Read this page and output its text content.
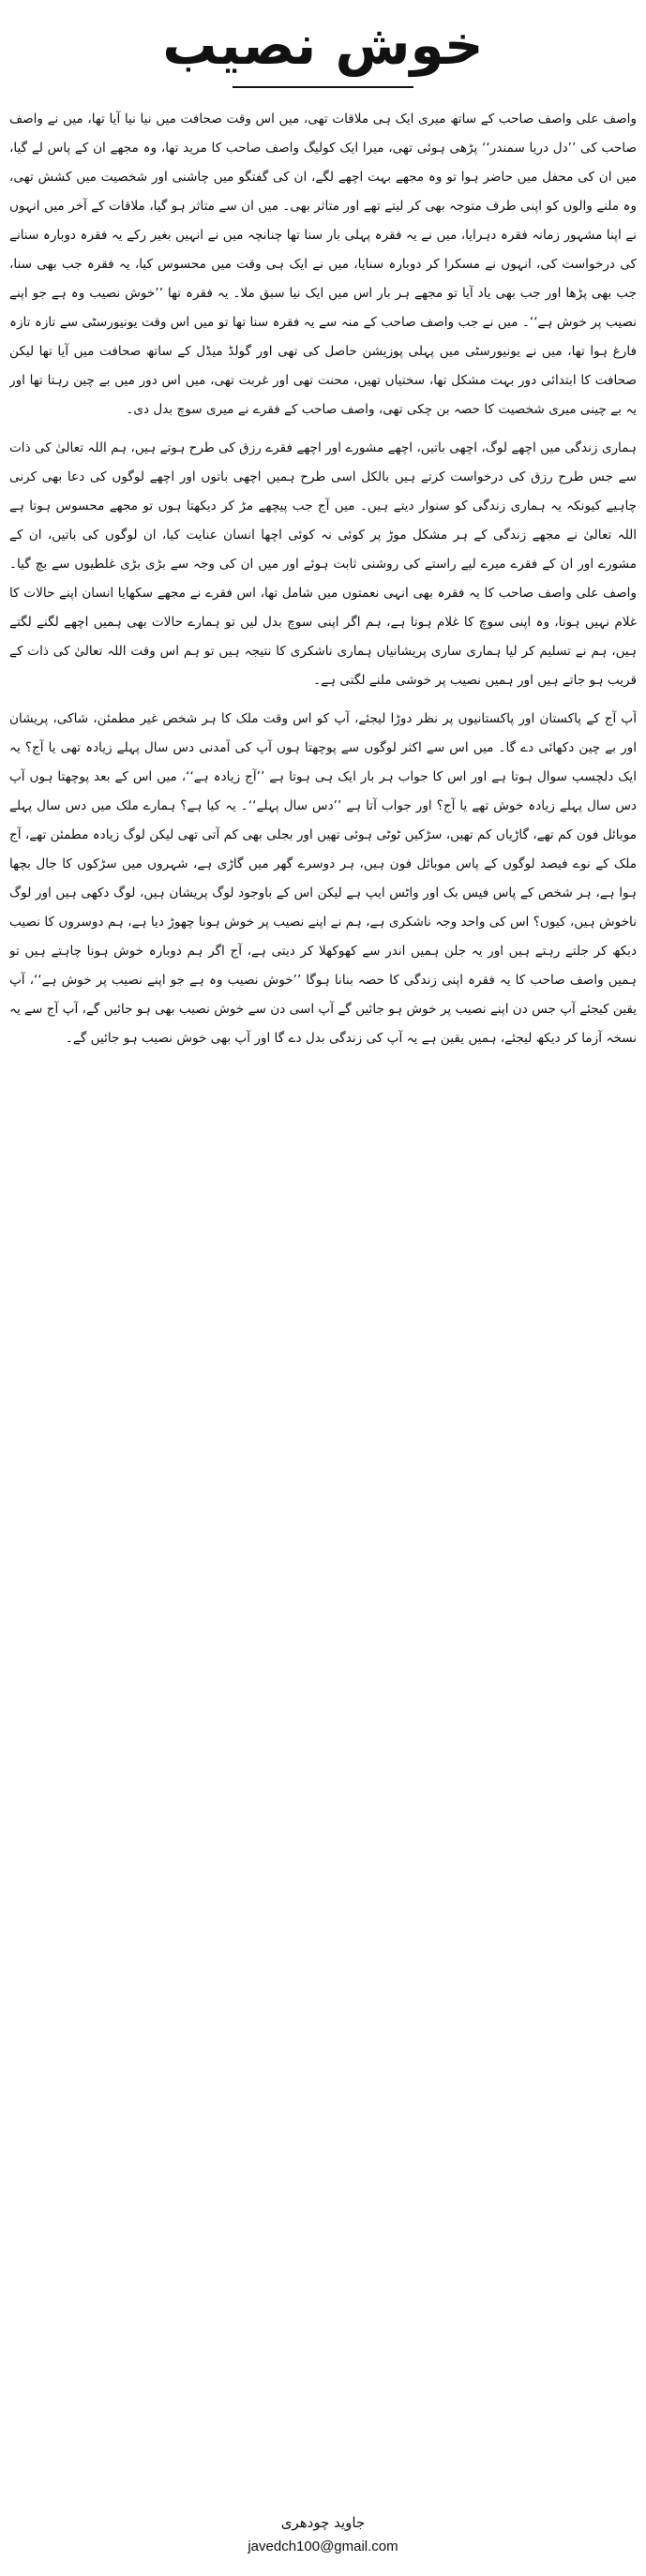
خوش نصیب

واصف علی واصف صاحب کے ساتھ میری ایک ہی ملاقات تھی، میں اس وقت صحافت میں نیا نیا آیا تھا، میں نے واصف صاحب کی ’’دل دریا سمندر‘‘ پڑھی ہوئی تھی، میرا ایک کولیگ واصف صاحب کا مرید تھا، وہ مجھے ان کے پاس لے گیا، میں ان کی محفل میں حاضر ہوا تو وہ مجھے بہت اچھے لگے، ان کی گفتگو میں چاشنی اور شخصیت میں کشش تھی، وہ ملنے والوں کو اپنی طرف متوجہ بھی کر لیتے تھے اور متاثر بھی۔ میں ان سے متاثر ہو گیا، ملاقات کے آخر میں انہوں نے اپنا مشہور زمانہ فقرہ دہرایا، میں نے یہ فقرہ پہلی بار سنا تھا چنانچہ میں نے انہیں بغیر رکے یہ فقرہ دوبارہ سنانے کی درخواست کی، انہوں نے مسکرا کر دوبارہ سنایا، میں نے ایک ہی وقت میں محسوس کیا، یہ فقرہ جب بھی سنا، جب بھی پڑھا اور جب بھی یاد آیا تو مجھے ہر بار اس میں ایک نیا سبق ملا۔ یہ فقرہ تھا ’’خوش نصیب وہ ہے جو اپنے نصیب پر خوش ہے‘‘۔ میں نے جب واصف صاحب کے منہ سے یہ فقرہ سنا تھا تو میں اس وقت یونیورسٹی سے تازہ تازہ فارغ ہوا تھا، میں نے یونیورسٹی میں پہلی پوزیشن حاصل کی تھی اور گولڈ میڈل کے ساتھ صحافت میں آیا تھا لیکن صحافت کا ابتدائی دور بہت مشکل تھا، سختیاں تھیں، محنت تھی اور غربت تھی، میں اس دور میں بے چین رہتا تھا اور یہ بے چینی میری شخصیت کا حصہ بن چکی تھی، واصف صاحب کے فقرے نے میری سوچ بدل دی۔

ہماری زندگی میں اچھے لوگ، اچھی باتیں، اچھے مشورے اور اچھے فقرے رزق کی طرح ہوتے ہیں، ہم اللہ تعالیٰ کی ذات سے جس طرح رزق کی درخواست کرتے ہیں بالکل اسی طرح ہمیں اچھی باتوں اور اچھے لوگوں کی دعا بھی کرنی چاہیے کیونکہ یہ ہماری زندگی کو سنوار دیتے ہیں۔ میں آج جب پیچھے مڑ کر دیکھتا ہوں تو مجھے محسوس ہوتا ہے اللہ تعالیٰ نے مجھے زندگی کے ہر مشکل موڑ پر کوئی نہ کوئی اچھا انسان عنایت کیا، ان لوگوں کی باتیں، ان کے مشورے اور ان کے فقرے میرے لیے راستے کی روشنی ثابت ہوئے اور میں ان کی وجہ سے بڑی بڑی غلطیوں سے بچ گیا۔ واصف علی واصف صاحب کا یہ فقرہ بھی انہی نعمتوں میں شامل تھا، اس فقرے نے مجھے سکھایا انسان اپنے حالات کا غلام نہیں ہوتا، وہ اپنی سوچ کا غلام ہوتا ہے، ہم اگر اپنی سوچ بدل لیں تو ہمارے حالات بھی ہمیں اچھے لگنے لگتے ہیں، ہم نے تسلیم کر لیا ہماری ساری پریشانیاں ہماری ناشکری کا نتیجہ ہیں تو ہم اس وقت اللہ تعالیٰ کی ذات کے قریب ہو جاتے ہیں اور ہمیں نصیب پر خوشی ملنے لگتی ہے۔

آپ آج کے پاکستان اور پاکستانیوں پر نظر دوڑا لیجئے، آپ کو اس وقت ملک کا ہر شخص غیر مطمئن، شاکی، پریشان اور بے چین دکھائی دے گا۔ میں اس سے اکثر لوگوں سے پوچھتا ہوں آپ کی آمدنی دس سال پہلے زیادہ تھی یا آج؟ یہ ایک دلچسپ سوال ہوتا ہے اور اس کا جواب ہر بار ایک ہی ہوتا ہے ’’آج زیادہ ہے‘‘، میں اس کے بعد پوچھتا ہوں آپ دس سال پہلے زیادہ خوش تھے یا آج؟ اور جواب آتا ہے ’’دس سال پہلے‘‘۔ یہ کیا ہے؟ ہمارے ملک میں دس سال پہلے موبائل فون کم تھے، گاڑیاں کم تھیں، سڑکیں ٹوٹی ہوئی تھیں اور بجلی بھی کم آتی تھی لیکن لوگ زیادہ مطمئن تھے، آج ملک کے نوے فیصد لوگوں کے پاس موبائل فون ہیں، ہر دوسرے گھر میں گاڑی ہے، شہروں میں سڑکوں کا جال بچھا ہوا ہے، ہر شخص کے پاس فیس بک اور واٹس ایپ ہے لیکن اس کے باوجود لوگ پریشان ہیں، لوگ دکھی ہیں اور لوگ ناخوش ہیں، کیوں؟ اس کی واحد وجہ ناشکری ہے، ہم نے اپنے نصیب پر خوش ہونا چھوڑ دیا ہے، ہم دوسروں کا نصیب دیکھ کر جلتے رہتے ہیں اور یہ جلن ہمیں اندر سے کھوکھلا کر دیتی ہے، آج اگر ہم دوبارہ خوش ہونا چاہتے ہیں تو ہمیں واصف صاحب کا یہ فقرہ اپنی زندگی کا حصہ بنانا ہوگا ’’خوش نصیب وہ ہے جو اپنے نصیب پر خوش ہے‘‘، آپ یقین کیجئے آپ جس دن اپنے نصیب پر خوش ہو جائیں گے آپ اسی دن سے خوش نصیب بھی ہو جائیں گے، آپ آج سے یہ نسخہ آزما کر دیکھ لیجئے، ہمیں یقین ہے یہ آپ کی زندگی بدل دے گا اور آپ بھی خوش نصیب ہو جائیں گے۔

جاوید چودھری
javedch100@gmail.com
